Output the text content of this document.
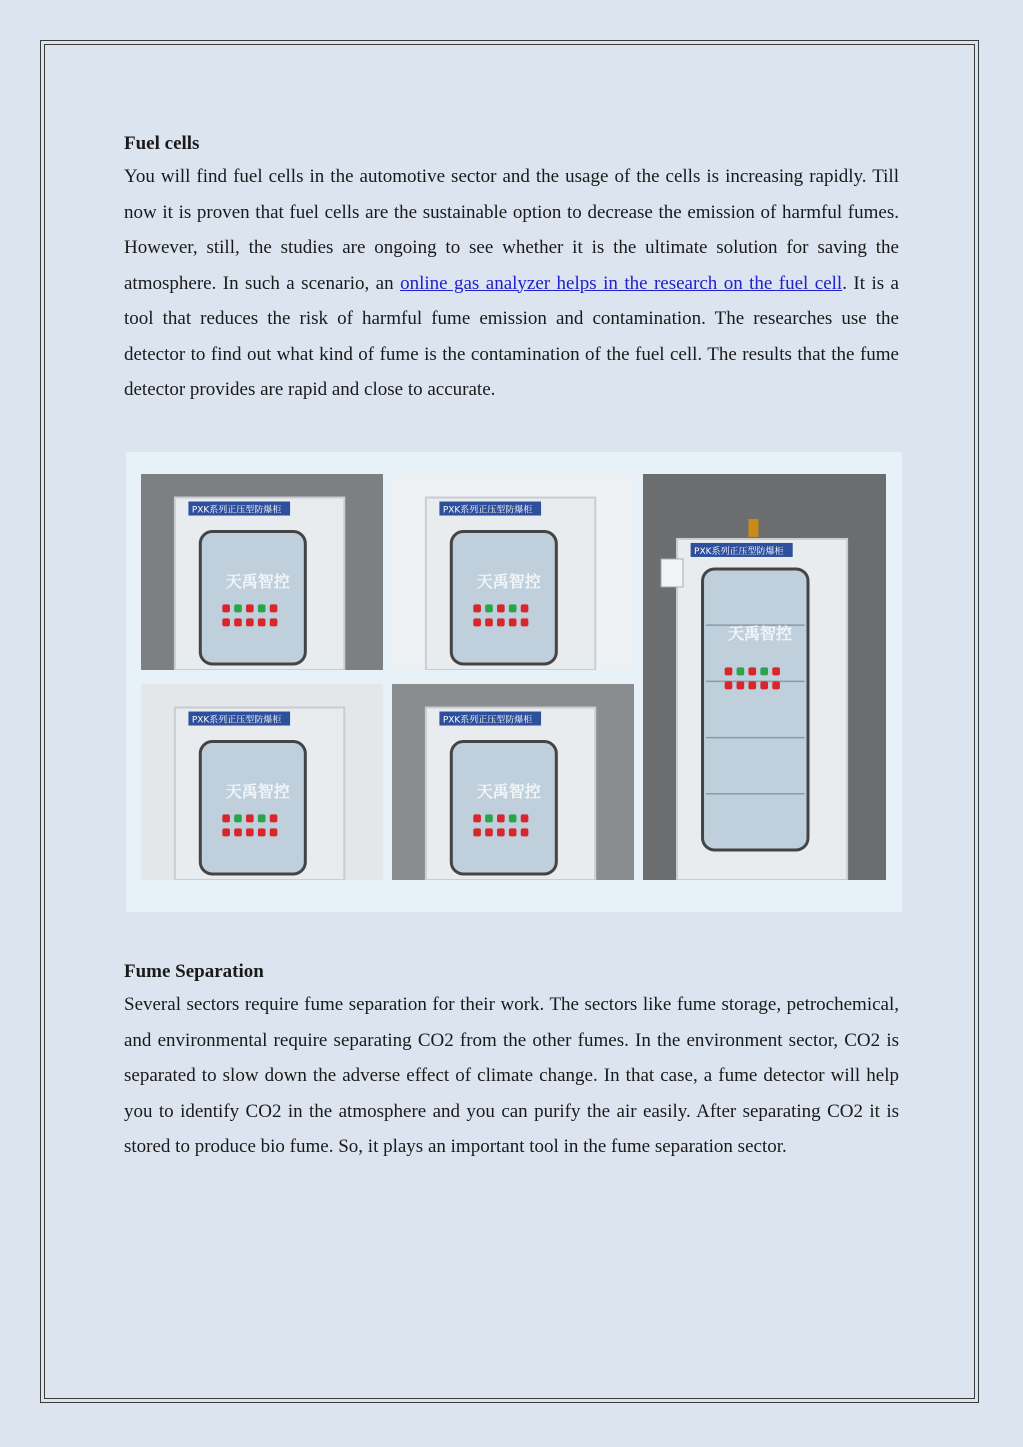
Fuel cells

You will find fuel cells in the automotive sector and the usage of the cells is increasing rapidly. Till now it is proven that fuel cells are the sustainable option to decrease the emission of harmful fumes. However, still, the studies are ongoing to see whether it is the ultimate solution for saving the atmosphere. In such a scenario, an online gas analyzer helps in the research on the fuel cell. It is a tool that reduces the risk of harmful fume emission and contamination. The researches use the detector to find out what kind of fume is the contamination of the fuel cell. The results that the fume detector provides are rapid and close to accurate.

PXK系列正压型防爆柜
天禹智控
PXK系列正压型防爆柜
天禹智控
PXK系列正压型防爆柜
天禹智控
PXK系列正压型防爆柜
天禹智控
PXK系列正压型防爆柜
天禹智控

Fume Separation

Several sectors require fume separation for their work. The sectors like fume storage, petrochemical, and environmental require separating CO2 from the other fumes. In the environment sector, CO2 is separated to slow down the adverse effect of climate change. In that case, a fume detector will help you to identify CO2 in the atmosphere and you can purify the air easily. After separating CO2 it is stored to produce bio fume. So, it plays an important tool in the fume separation sector.
